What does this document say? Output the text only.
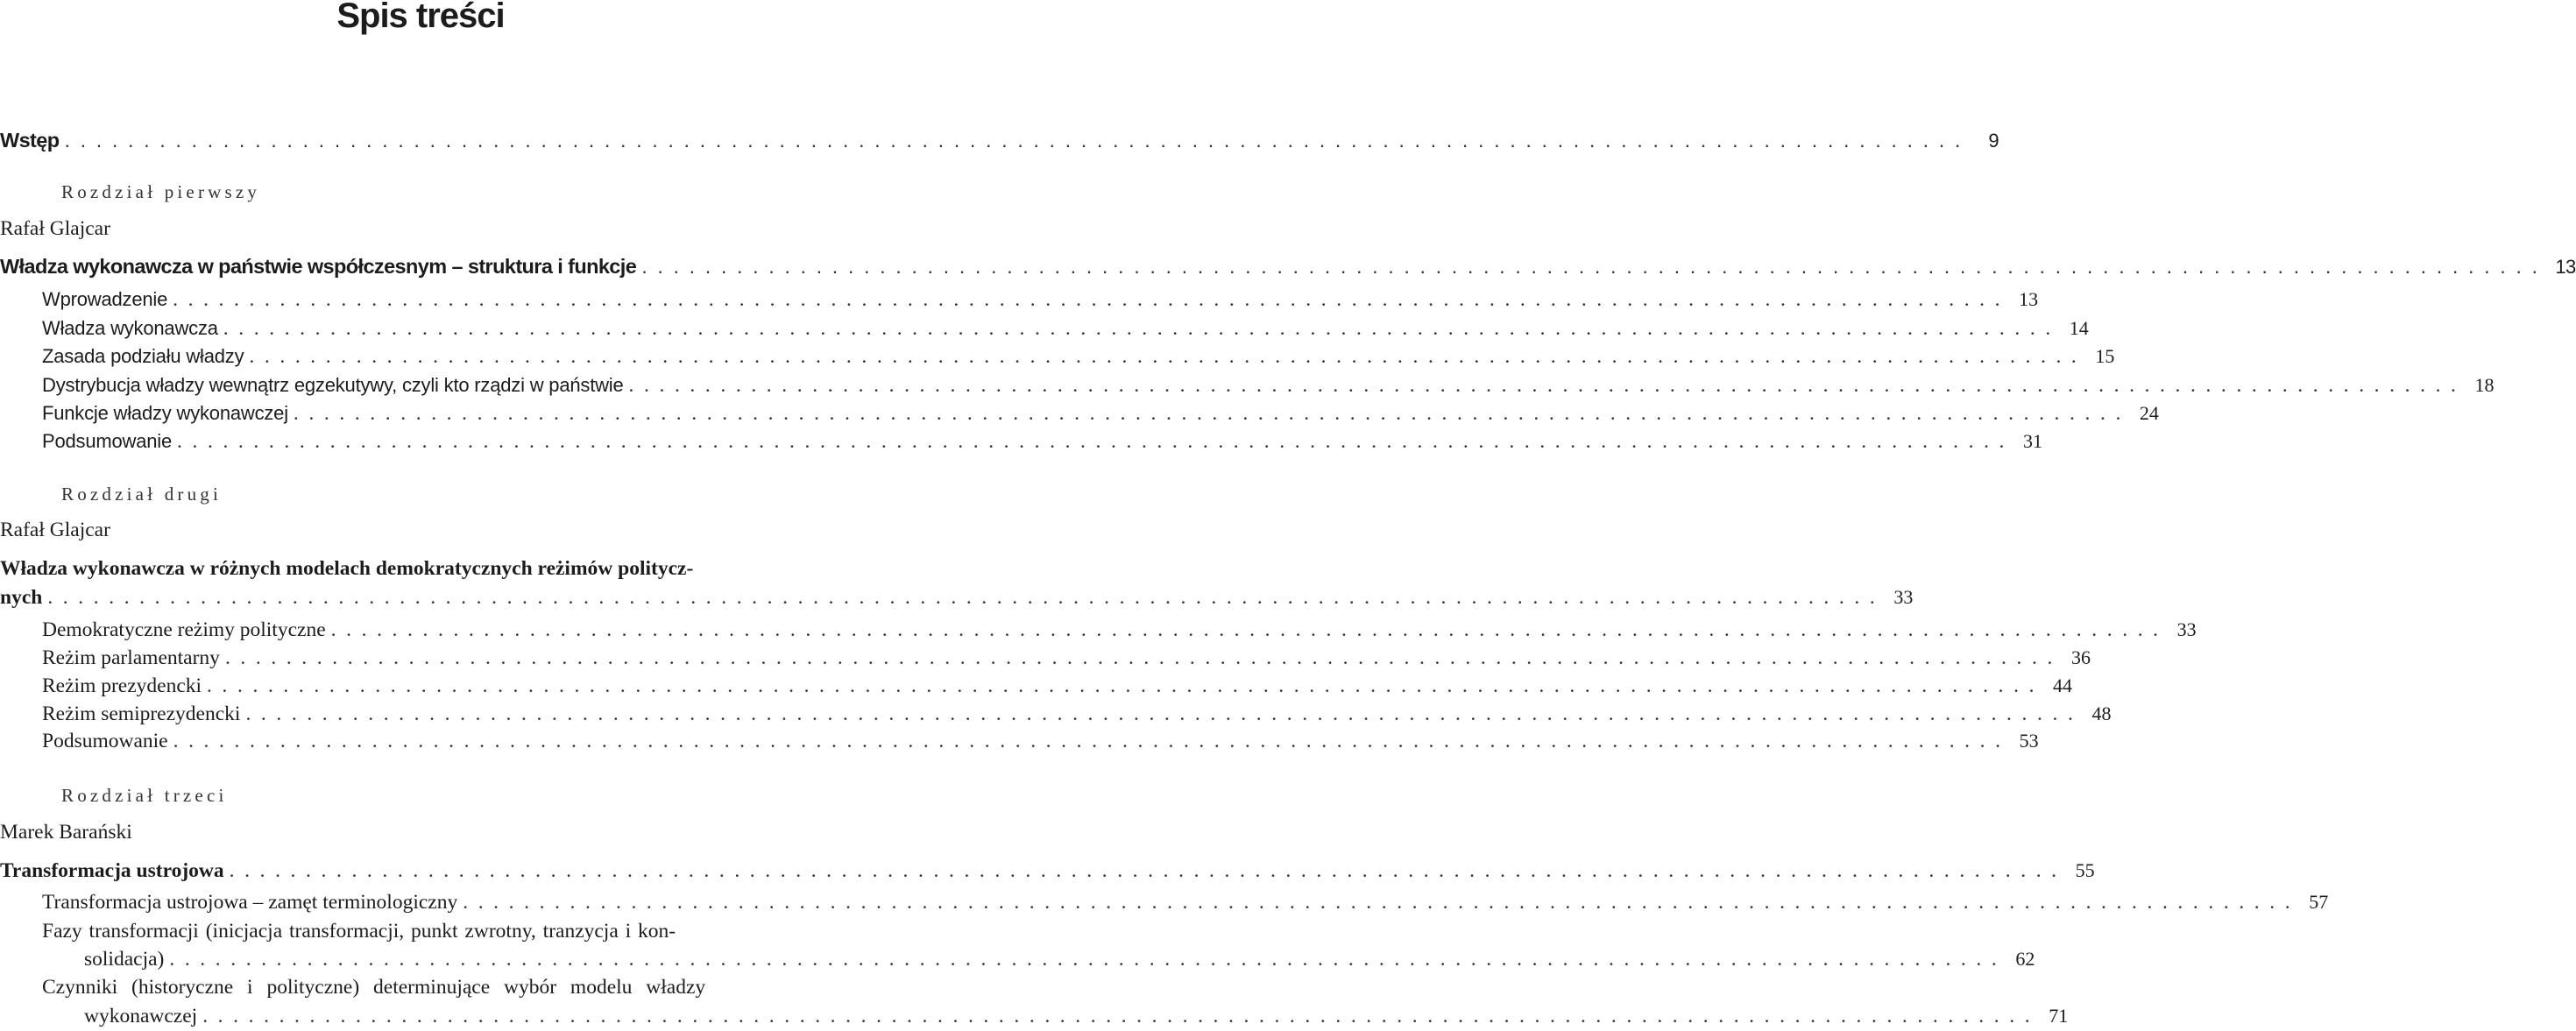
Spis treści
Wstęp ........................................................................................................................ 9
Rozdział pierwszy
Rafał Glajcar
Władza wykonawcza w państwie współczesnym – struktura i funkcje ........................................................................................................................ 13
Wprowadzenie ........................................................................................................................ 13
Władza wykonawcza ........................................................................................................................ 14
Zasada podziału władzy ........................................................................................................................ 15
Dystrybucja władzy wewnątrz egzekutywy, czyli kto rządzi w państwie ........................................................................................................................ 18
Funkcje władzy wykonawczej ........................................................................................................................ 24
Podsumowanie ........................................................................................................................ 31
Rozdział drugi
Rafał Glajcar
Władza wykonawcza w różnych modelach demokratycznych reżimów politycz-
nych ........................................................................................................................ 33
Demokratyczne reżimy polityczne ........................................................................................................................ 33
Reżim parlamentarny ........................................................................................................................ 36
Reżim prezydencki ........................................................................................................................ 44
Reżim semiprezydencki ........................................................................................................................ 48
Podsumowanie ........................................................................................................................ 53
Rozdział trzeci
Marek Barański
Transformacja ustrojowa ........................................................................................................................ 55
Transformacja ustrojowa – zamęt terminologiczny ........................................................................................................................ 57
Fazy transformacji (inicjacja transformacji, punkt zwrotny, tranzycja i kon-
solidacja) ........................................................................................................................ 62
Czynniki (historyczne i polityczne) determinujące wybór modelu władzy
wykonawczej ........................................................................................................................ 71
